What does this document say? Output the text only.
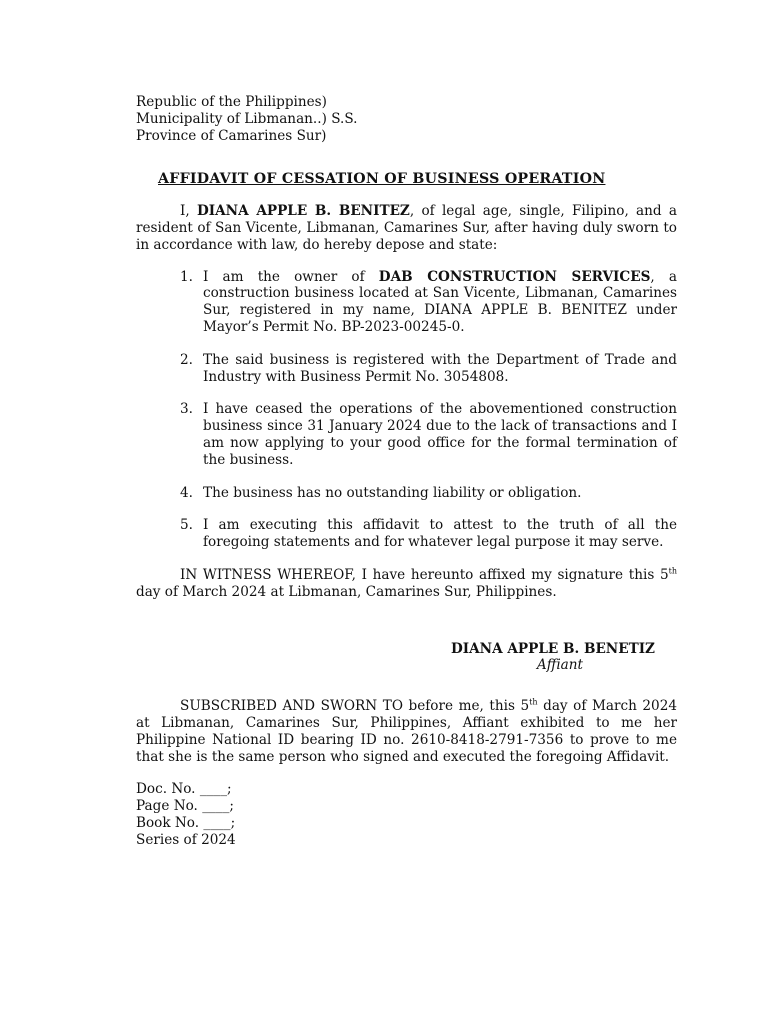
Republic of the Philippines)
Municipality of Libmanan..) S.S.
Province of Camarines Sur)
AFFIDAVIT OF CESSATION OF BUSINESS OPERATION
I, DIANA APPLE B. BENITEZ, of legal age, single, Filipino, and a resident of San Vicente, Libmanan, Camarines Sur, after having duly sworn to in accordance with law, do hereby depose and state:
1. I am the owner of DAB CONSTRUCTION SERVICES, a construction business located at San Vicente, Libmanan, Camarines Sur, registered in my name, DIANA APPLE B. BENITEZ under Mayor’s Permit No. BP-2023-00245-0.
2. The said business is registered with the Department of Trade and Industry with Business Permit No. 3054808.
3. I have ceased the operations of the abovementioned construction business since 31 January 2024 due to the lack of transactions and I am now applying to your good office for the formal termination of the business.
4. The business has no outstanding liability or obligation.
5. I am executing this affidavit to attest to the truth of all the foregoing statements and for whatever legal purpose it may serve.
IN WITNESS WHEREOF, I have hereunto affixed my signature this 5th day of March 2024 at Libmanan, Camarines Sur, Philippines.
DIANA APPLE B. BENETIZ
Affiant
SUBSCRIBED AND SWORN TO before me, this 5th day of March 2024 at Libmanan, Camarines Sur, Philippines, Affiant exhibited to me her Philippine National ID bearing ID no. 2610-8418-2791-7356 to prove to me that she is the same person who signed and executed the foregoing Affidavit.
Doc. No. ____;
Page No. ____;
Book No. ____;
Series of 2024
